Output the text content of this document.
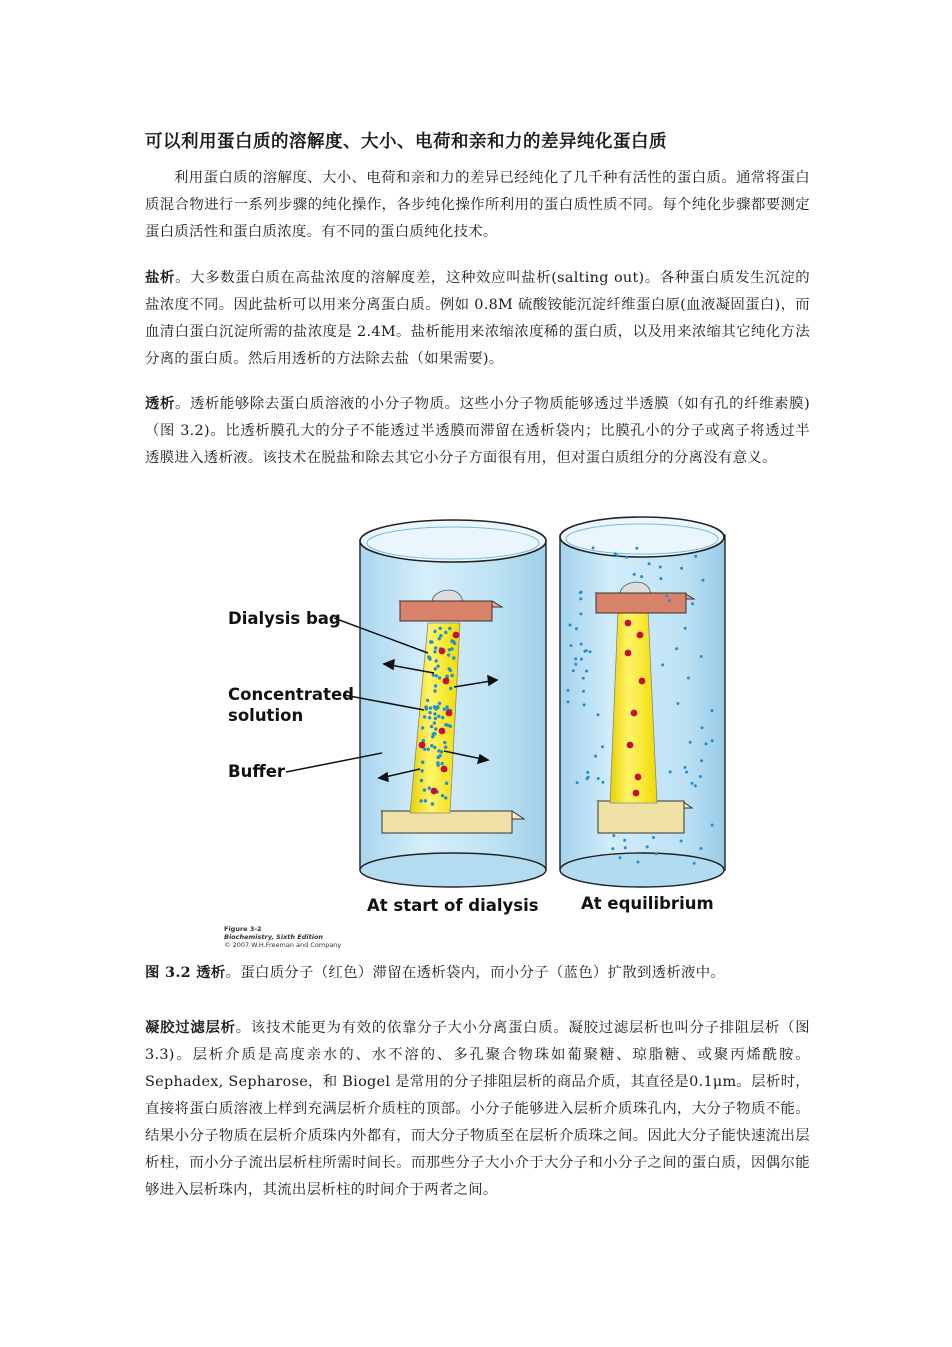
可以利用蛋白质的溶解度、大小、电荷和亲和力的差异纯化蛋白质
利用蛋白质的溶解度、大小、电荷和亲和力的差异已经纯化了几千种有活性的蛋白质。通常将蛋白质混合物进行一系列步骤的纯化操作，各步纯化操作所利用的蛋白质性质不同。每个纯化步骤都要测定蛋白质活性和蛋白质浓度。有不同的蛋白质纯化技术。
盐析。大多数蛋白质在高盐浓度的溶解度差，这种效应叫盐析(salting out)。各种蛋白质发生沉淀的盐浓度不同。因此盐析可以用来分离蛋白质。例如 0.8M 硫酸铵能沉淀纤维蛋白原(血液凝固蛋白)，而血清白蛋白沉淀所需的盐浓度是 2.4M。盐析能用来浓缩浓度稀的蛋白质，以及用来浓缩其它纯化方法分离的蛋白质。然后用透析的方法除去盐（如果需要)。
透析。透析能够除去蛋白质溶液的小分子物质。这些小分子物质能够透过半透膜（如有孔的纤维素膜)（图 3.2)。比透析膜孔大的分子不能透过半透膜而滞留在透析袋内；比膜孔小的分子或离子将透过半透膜进入透析液。该技术在脱盐和除去其它小分子方面很有用，但对蛋白质组分的分离没有意义。
Dialysis bag
Concentrated
solution
Buffer
At start of dialysis	At equilibrium
Figure 3-2
Biochemistry, Sixth Edition
© 2007 W.H.Freeman and Company
图 3.2 透析。蛋白质分子（红色）滞留在透析袋内，而小分子（蓝色）扩散到透析液中。
凝胶过滤层析。该技术能更为有效的依靠分子大小分离蛋白质。凝胶过滤层析也叫分子排阻层析（图 3.3)。层析介质是高度亲水的、水不溶的、多孔聚合物珠如葡聚糖、琼脂糖、或聚丙烯酰胺。Sephadex, Sepharose，和 Biogel 是常用的分子排阻层析的商品介质，其直径是0.1μm。层析时，直接将蛋白质溶液上样到充满层析介质柱的顶部。小分子能够进入层析介质珠孔内，大分子物质不能。结果小分子物质在层析介质珠内外都有，而大分子物质至在层析介质珠之间。因此大分子能快速流出层析柱，而小分子流出层析柱所需时间长。而那些分子大小介于大分子和小分子之间的蛋白质，因偶尔能够进入层析珠内，其流出层析柱的时间介于两者之间。
